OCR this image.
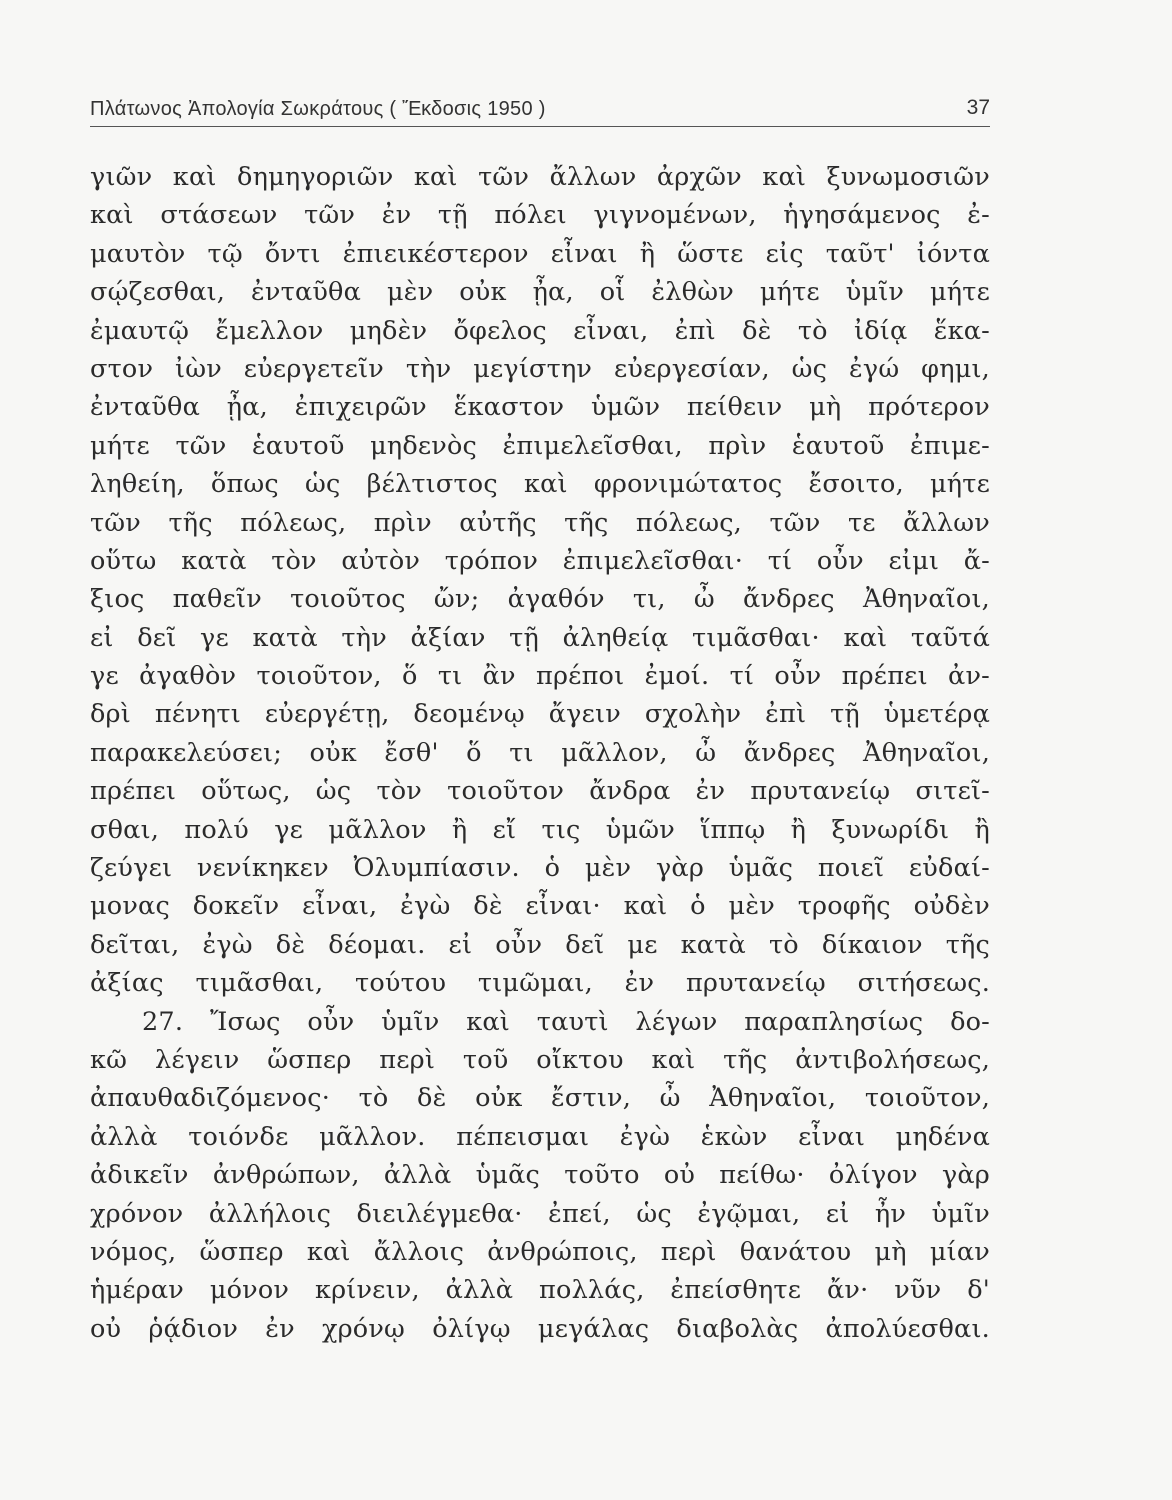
Πλάτωνος Ἀπολογία Σωκράτους ( Ἔκδοσις 1950 )	37
γιῶν καὶ δημηγοριῶν καὶ τῶν ἄλλων ἀρχῶν καὶ ξυνωμοσιῶν
καὶ στάσεων τῶν ἐν τῇ πόλει γιγνομένων, ἡγησάμενος ἐ-
μαυτὸν τῷ ὄντι ἐπιεικέστερον εἶναι ἢ ὥστε εἰς ταῦτ' ἰόντα
σῴζεσθαι, ἐνταῦθα μὲν οὐκ ᾖα, οἷ ἐλθὼν μήτε ὑμῖν μήτε
ἐμαυτῷ ἔμελλον μηδὲν ὄφελος εἶναι, ἐπὶ δὲ τὸ ἰδίᾳ ἕκα-
στον ἰὼν εὐεργετεῖν τὴν μεγίστην εὐεργεσίαν, ὡς ἐγώ φημι,
ἐνταῦθα ᾖα, ἐπιχειρῶν ἕκαστον ὑμῶν πείθειν μὴ πρότερον
μήτε τῶν ἑαυτοῦ μηδενὸς ἐπιμελεῖσθαι, πρὶν ἑαυτοῦ ἐπιμε-
ληθείη, ὅπως ὡς βέλτιστος καὶ φρονιμώτατος ἔσοιτο, μήτε
τῶν τῆς πόλεως, πρὶν αὐτῆς τῆς πόλεως, τῶν τε ἄλλων
οὕτω κατὰ τὸν αὐτὸν τρόπον ἐπιμελεῖσθαι· τί οὖν εἰμι ἄ-
ξιος παθεῖν τοιοῦτος ὤν; ἀγαθόν τι, ὦ ἄνδρες Ἀθηναῖοι,
εἰ δεῖ γε κατὰ τὴν ἀξίαν τῇ ἀληθείᾳ τιμᾶσθαι· καὶ ταῦτά
γε ἀγαθὸν τοιοῦτον, ὅ τι ἂν πρέποι ἐμοί. τί οὖν πρέπει ἀν-
δρὶ πένητι εὐεργέτῃ, δεομένῳ ἄγειν σχολὴν ἐπὶ τῇ ὑμετέρᾳ
παρακελεύσει; οὐκ ἔσθ' ὅ τι μᾶλλον, ὦ ἄνδρες Ἀθηναῖοι,
πρέπει οὕτως, ὡς τὸν τοιοῦτον ἄνδρα ἐν πρυτανείῳ σιτεῖ-
σθαι, πολύ γε μᾶλλον ἢ εἴ τις ὑμῶν ἵππῳ ἢ ξυνωρίδι ἢ
ζεύγει νενίκηκεν Ὀλυμπίασιν. ὁ μὲν γὰρ ὑμᾶς ποιεῖ εὐδαί-
μονας δοκεῖν εἶναι, ἐγὼ δὲ εἶναι· καὶ ὁ μὲν τροφῆς οὐδὲν
δεῖται, ἐγὼ δὲ δέομαι. εἰ οὖν δεῖ με κατὰ τὸ δίκαιον τῆς
ἀξίας τιμᾶσθαι, τούτου τιμῶμαι, ἐν πρυτανείῳ σιτήσεως.
27. Ἴσως οὖν ὑμῖν καὶ ταυτὶ λέγων παραπλησίως δο-
κῶ λέγειν ὥσπερ περὶ τοῦ οἴκτου καὶ τῆς ἀντιβολήσεως,
ἀπαυθαδιζόμενος· τὸ δὲ οὐκ ἔστιν, ὦ Ἀθηναῖοι, τοιοῦτον,
ἀλλὰ τοιόνδε μᾶλλον. πέπεισμαι ἐγὼ ἑκὼν εἶναι μηδένα
ἀδικεῖν ἀνθρώπων, ἀλλὰ ὑμᾶς τοῦτο οὐ πείθω· ὀλίγον γὰρ
χρόνον ἀλλήλοις διειλέγμεθα· ἐπεί, ὡς ἐγῷμαι, εἰ ἦν ὑμῖν
νόμος, ὥσπερ καὶ ἄλλοις ἀνθρώποις, περὶ θανάτου μὴ μίαν
ἡμέραν μόνον κρίνειν, ἀλλὰ πολλάς, ἐπείσθητε ἄν· νῦν δ'
οὐ ῥᾴδιον ἐν χρόνῳ ὀλίγῳ μεγάλας διαβολὰς ἀπολύεσθαι.
